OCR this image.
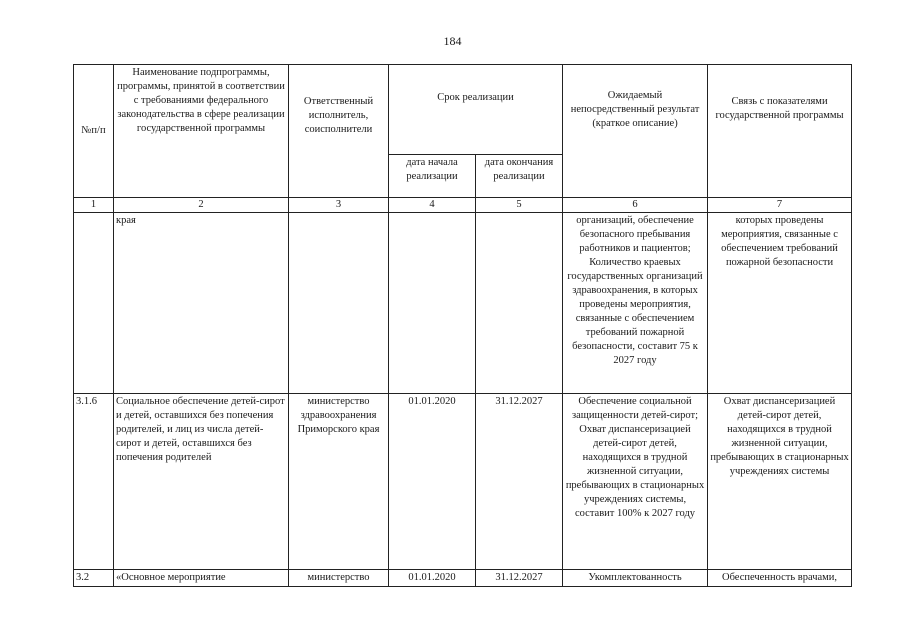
184
№п/п	Наименование подпрограммы, программы, принятой в соответствии с требованиями федерального законодательства в сфере реализации государственной программы	Ответственный исполнитель, соисполнители	Срок реализации		Ожидаемый непосредственный результат (краткое описание)	Связь с показателями государственной программы
			дата начала реализации	дата окончания реализации		
1	2	3	4	5	6	7
	края				организаций, обеспечение безопасного пребывания работников и пациентов; Количество краевых государственных организаций здравоохранения, в которых проведены мероприятия, связанные с обеспечением требований пожарной безопасности, составит 75 к 2027 году	которых проведены мероприятия, связанные с обеспечением требований пожарной безопасности
3.1.6	Социальное обеспечение детей-сирот и детей, оставшихся без попечения родителей, и лиц из числа детей-сирот и детей, оставшихся без попечения родителей	министерство здравоохранения Приморского края	01.01.2020	31.12.2027	Обеспечение социальной защищенности детей-сирот; Охват диспансеризацией детей-сирот детей, находящихся в трудной жизненной ситуации, пребывающих в стационарных учреждениях системы, составит 100% к 2027 году	Охват диспансеризацией детей-сирот детей, находящихся в трудной жизненной ситуации, пребывающих в стационарных учреждениях системы
3.2	«Основное мероприятие	министерство	01.01.2020	31.12.2027	Укомплектованность	Обеспеченность врачами,
